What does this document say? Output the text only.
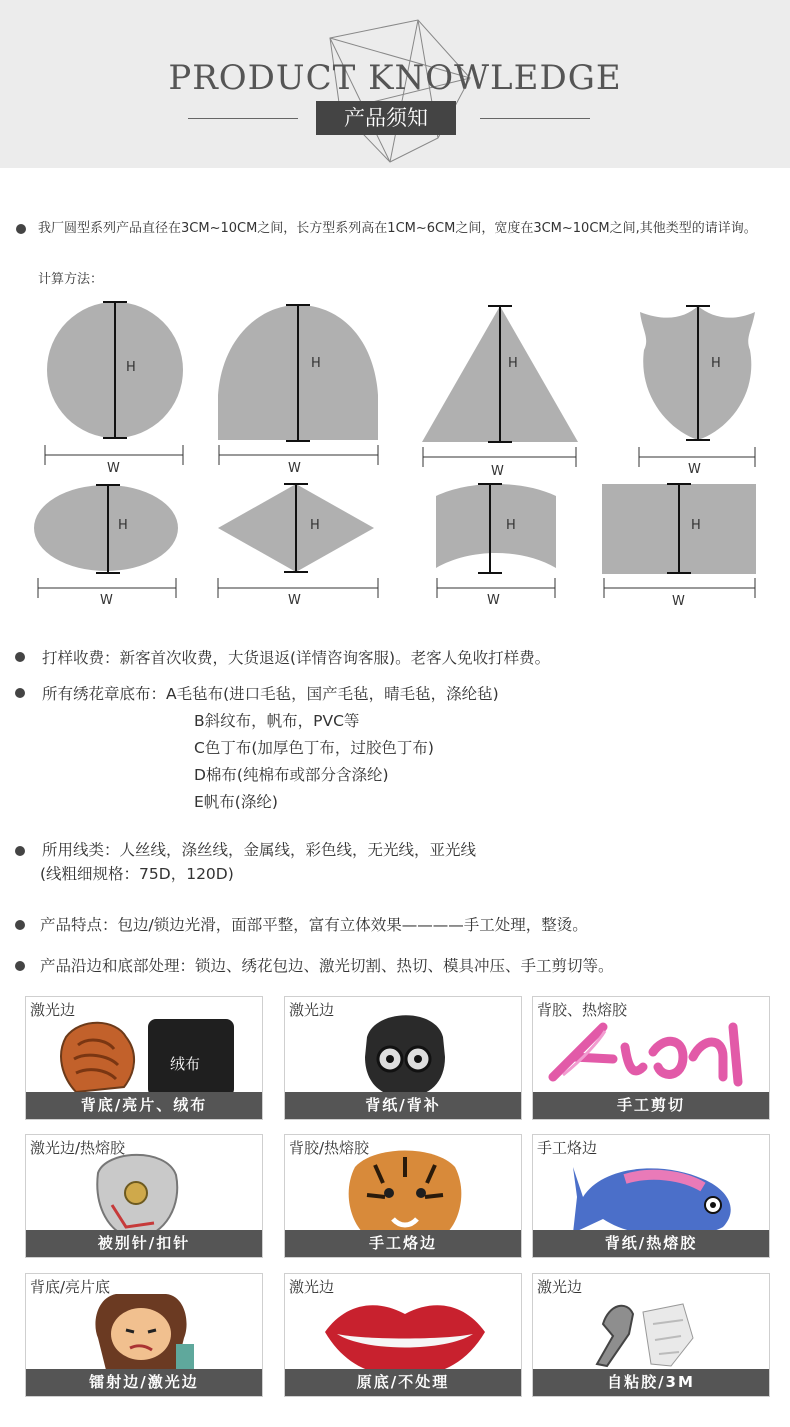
PRODUCT KNOWLEDGE
产品须知
我厂圆型系列产品直径在3CM~10CM之间，长方型系列高在1CM~6CM之间，宽度在3CM~10CM之间,其他类型的请详询。
计算方法：
H	H	H	H
H	H	H	H
W	W	W	W
W	W	W	W
打样收费：新客首次收费，大货退返(详情咨询客服)。老客人免收打样费。
所有绣花章底布：A毛毡布(进口毛毡，国产毛毡，晴毛毡，涤纶毡)
B斜纹布，帆布，PVC等
C色丁布(加厚色丁布，过胶色丁布)
D棉布(纯棉布或部分含涤纶)
E帆布(涤纶)
所用线类：人丝线，涤丝线，金属线，彩色线，无光线，亚光线
(线粗细规格：75D，120D)
产品特点：包边/锁边光滑，面部平整，富有立体效果————手工处理，整烫。
产品沿边和底部处理：锁边、绣花包边、激光切割、热切、模具冲压、手工剪切等。
激光边
绒布
背底/亮片、绒布
激光边
背纸/背补
背胶、热熔胶
手工剪切
激光边/热熔胶
被别针/扣针
背胶/热熔胶
手工烙边
手工烙边
背纸/热熔胶
背底/亮片底
镭射边/激光边
激光边
原底/不处理
激光边
自粘胶/3M
